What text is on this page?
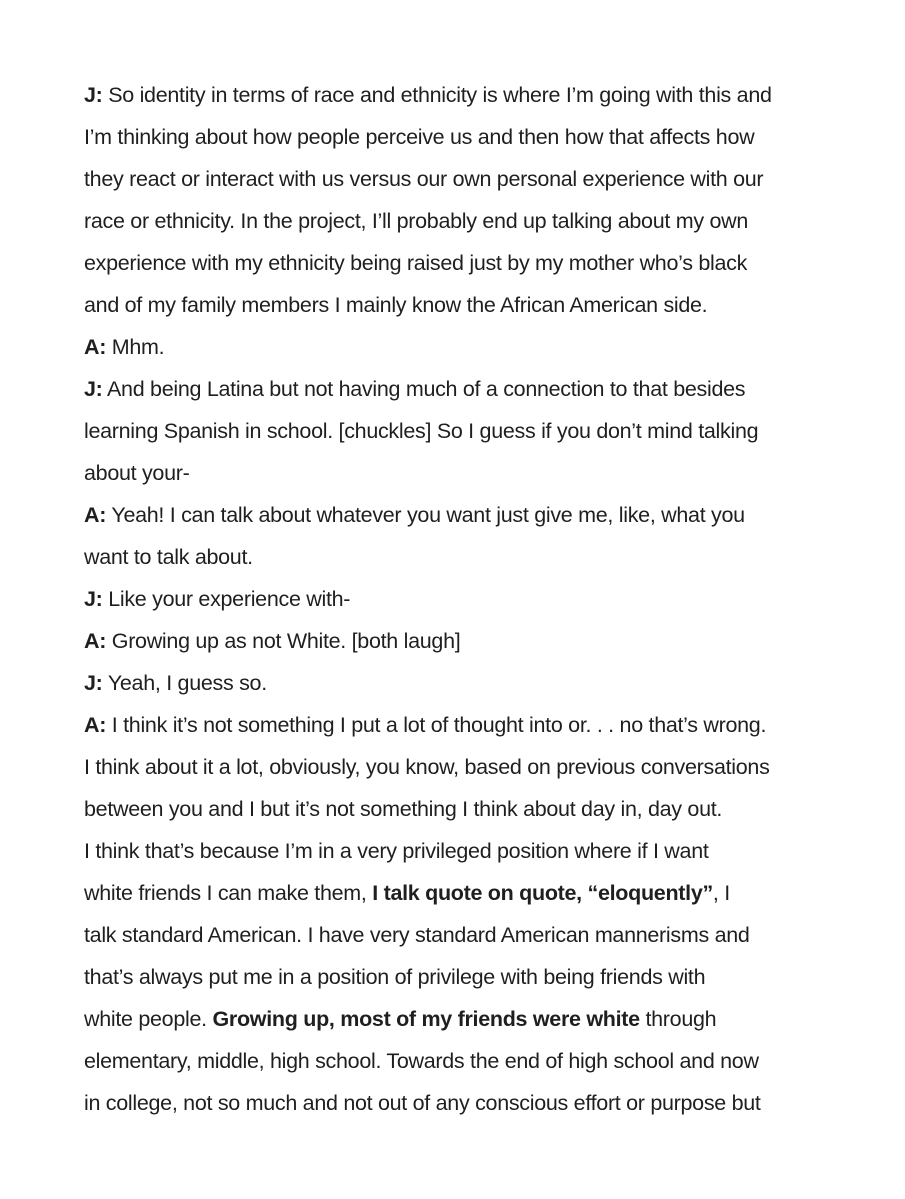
J: So identity in terms of race and ethnicity is where I’m going with this and
I’m thinking about how people perceive us and then how that affects how
they react or interact with us versus our own personal experience with our
race or ethnicity. In the project, I’ll probably end up talking about my own
experience with my ethnicity being raised just by my mother who’s black
and of my family members I mainly know the African American side.
A: Mhm.
J: And being Latina but not having much of a connection to that besides
learning Spanish in school. [chuckles] So I guess if you don’t mind talking
about your-
A: Yeah! I can talk about whatever you want just give me, like, what you
want to talk about.
J: Like your experience with-
A: Growing up as not White. [both laugh]
J: Yeah, I guess so.
A: I think it’s not something I put a lot of thought into or. . . no that’s wrong.
I think about it a lot, obviously, you know, based on previous conversations
between you and I but it’s not something I think about day in, day out.
I think that’s because I’m in a very privileged position where if I want
white friends I can make them, I talk quote on quote, “eloquently”, I
talk standard American. I have very standard American mannerisms and
that’s always put me in a position of privilege with being friends with
white people. Growing up, most of my friends were white through
elementary, middle, high school. Towards the end of high school and now
in college, not so much and not out of any conscious effort or purpose but
